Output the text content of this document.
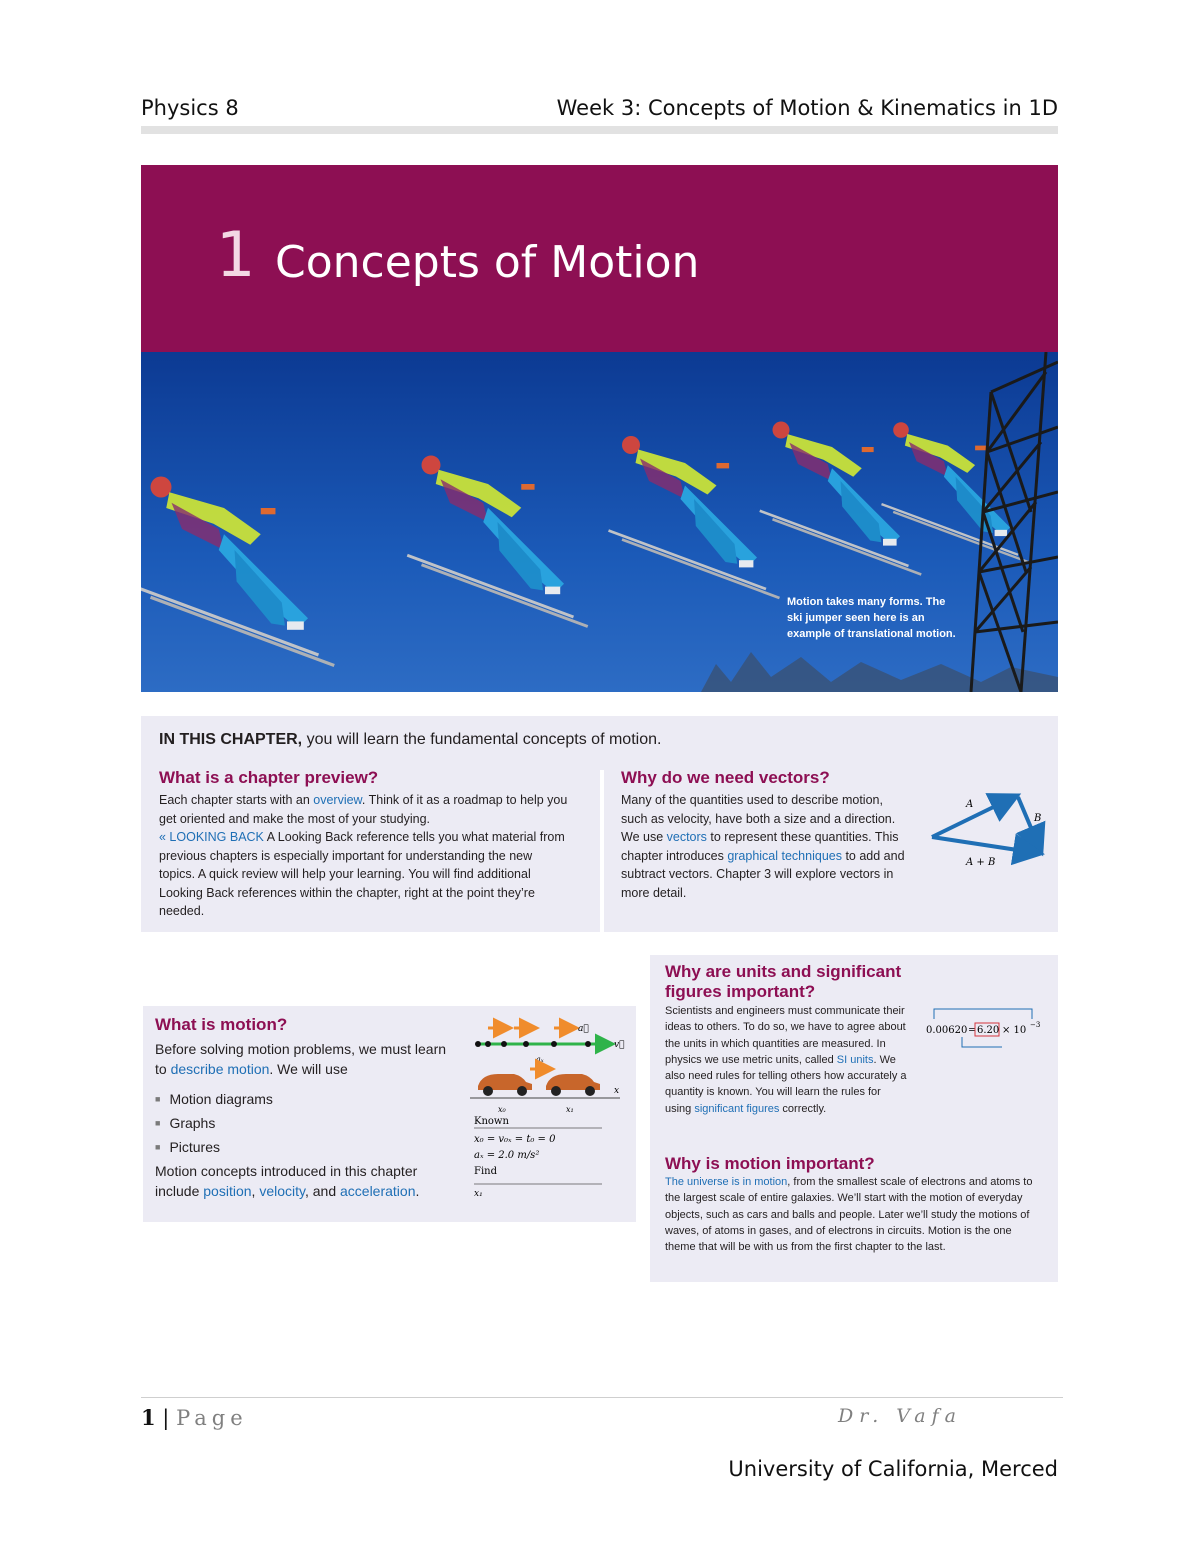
Physics 8	Week 3: Concepts of Motion & Kinematics in 1D
1 Concepts of Motion
Motion takes many forms. The ski jumper seen here is an example of translational motion.
IN THIS CHAPTER, you will learn the fundamental concepts of motion.
What is a chapter preview?
Each chapter starts with an overview. Think of it as a roadmap to help you get oriented and make the most of your studying.
« LOOKING BACK A Looking Back reference tells you what material from previous chapters is especially important for understanding the new topics. A quick review will help your learning. You will find additional Looking Back references within the chapter, right at the point they’re needed.
Why do we need vectors?
Many of the quantities used to describe motion, such as velocity, have both a size and a direction. We use vectors to represent these quantities. This chapter introduces graphical techniques to add and subtract vectors. Chapter 3 will explore vectors in more detail.
A
B
A + B
What is motion?
Before solving motion problems, we must learn to describe motion. We will use
■ Motion diagrams
■ Graphs
■ Pictures
Motion concepts introduced in this chapter include position, velocity, and acceleration.
a⃗
v⃗
aₓ
x
x₀	x₁
Known
x₀ = v₀ₓ = t₀ = 0
aₓ = 2.0 m/s²
Find
x₁
Why are units and significant figures important?
Scientists and engineers must communicate their ideas to others. To do so, we have to agree about the units in which quantities are measured. In physics we use metric units, called SI units. We also need rules for telling others how accurately a quantity is known. You will learn the rules for using significant figures correctly.
0.00620 = 6.20 × 10 −3
Why is motion important?
The universe is in motion, from the smallest scale of electrons and atoms to the largest scale of entire galaxies. We’ll start with the motion of everyday objects, such as cars and balls and people. Later we’ll study the motions of waves, of atoms in gases, and of electrons in circuits. Motion is the one theme that will be with us from the first chapter to the last.
1 | Page	Dr. Vafa
University of California, Merced
